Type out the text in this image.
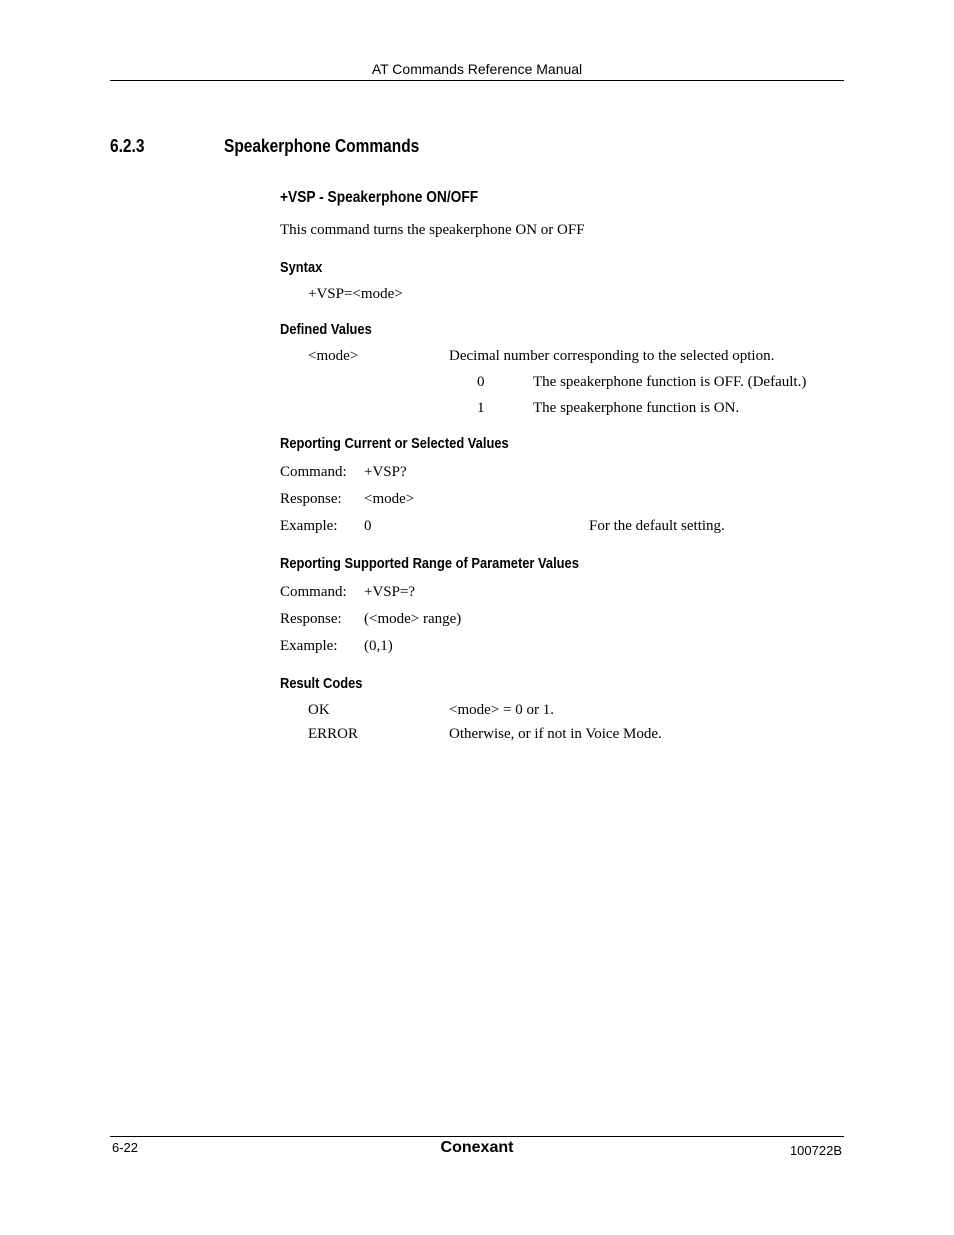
AT Commands Reference Manual
6.2.3	Speakerphone Commands
+VSP - Speakerphone ON/OFF
This command turns the speakerphone ON or OFF
Syntax
+VSP=<mode>
Defined Values
<mode>	Decimal number corresponding to the selected option.
0	The speakerphone function is OFF. (Default.)
1	The speakerphone function is ON.
Reporting Current or Selected Values
Command: +VSP?
Response: <mode>
Example: 0	For the default setting.
Reporting Supported Range of Parameter Values
Command: +VSP=?
Response: (<mode> range)
Example: (0,1)
Result Codes
OK	<mode> = 0 or 1.
ERROR	Otherwise, or if not in Voice Mode.
6-22	Conexant	100722B
